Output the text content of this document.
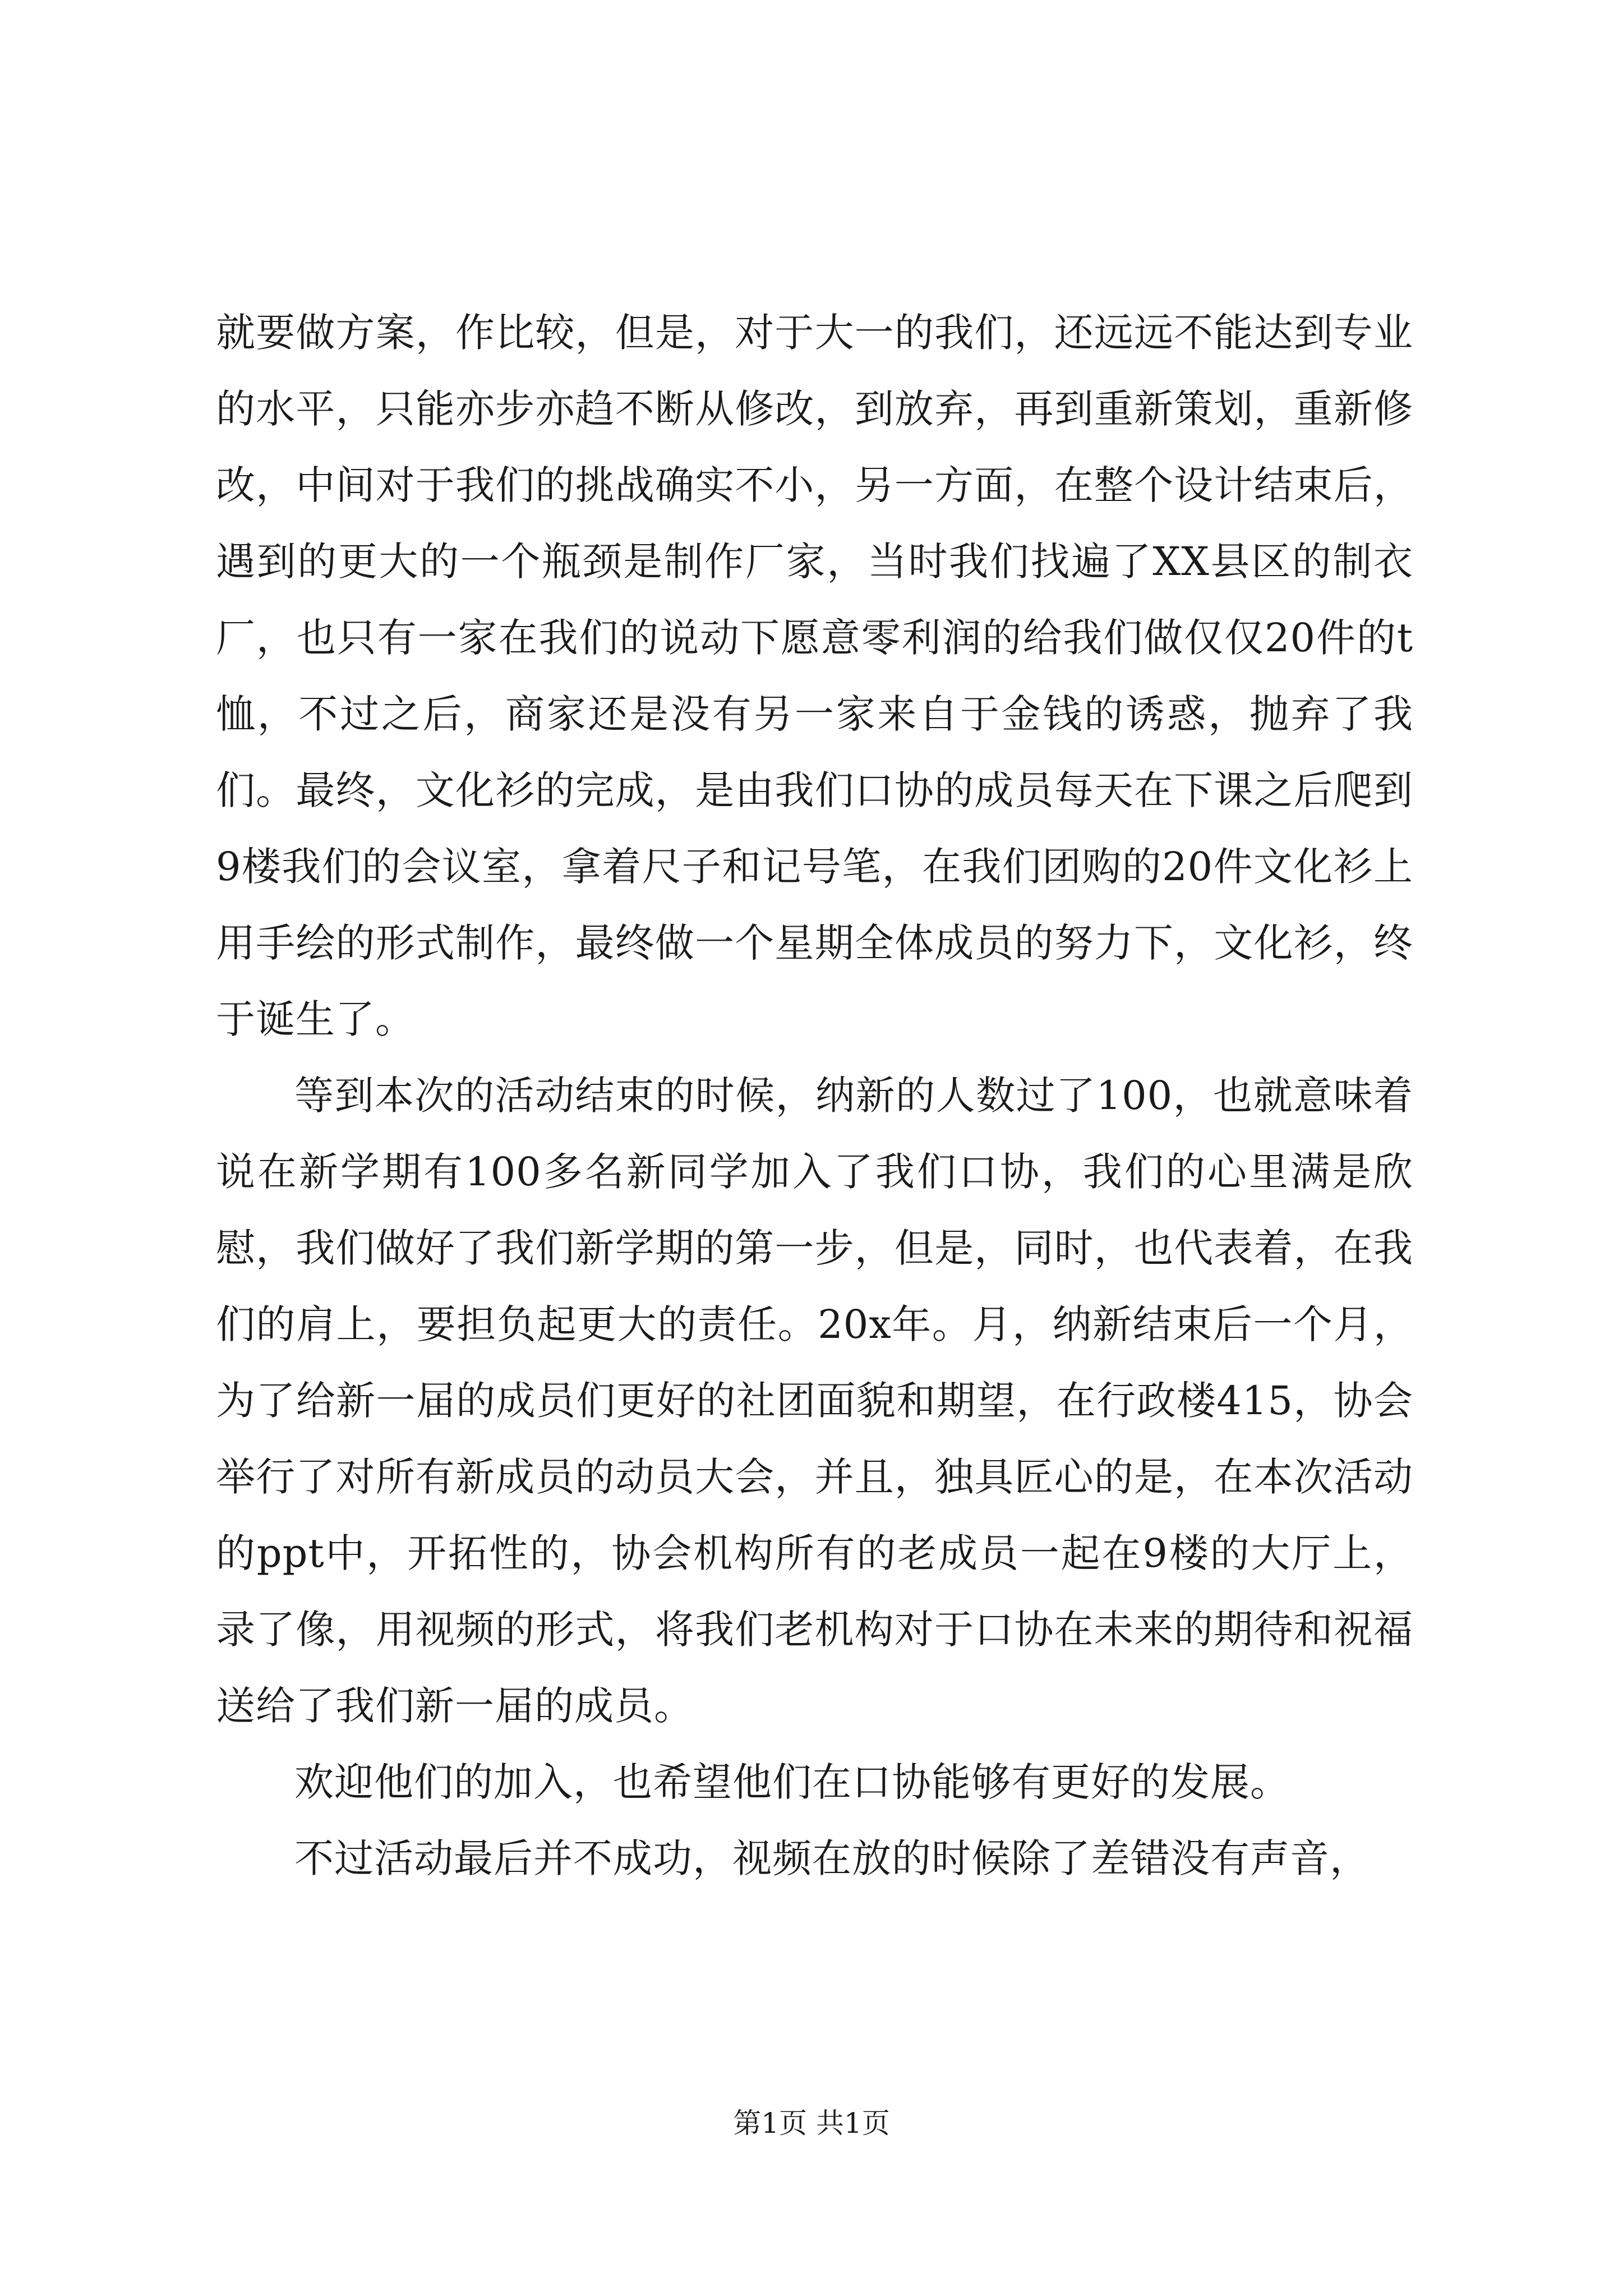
就要做方案，作比较，但是，对于大一的我们，还远远不能达到专业的水平，只能亦步亦趋不断从修改，到放弃，再到重新策划，重新修改，中间对于我们的挑战确实不小，另一方面，在整个设计结束后，遇到的更大的一个瓶颈是制作厂家，当时我们找遍了XX县区的制衣厂，也只有一家在我们的说动下愿意零利润的给我们做仅仅20件的t恤，不过之后，商家还是没有另一家来自于金钱的诱惑，抛弃了我们。最终，文化衫的完成，是由我们口协的成员每天在下课之后爬到9楼我们的会议室，拿着尺子和记号笔，在我们团购的20件文化衫上用手绘的形式制作，最终做一个星期全体成员的努力下，文化衫，终于诞生了。

等到本次的活动结束的时候，纳新的人数过了100，也就意味着说在新学期有100多名新同学加入了我们口协，我们的心里满是欣慰，我们做好了我们新学期的第一步，但是，同时，也代表着，在我们的肩上，要担负起更大的责任。20x年。月，纳新结束后一个月，为了给新一届的成员们更好的社团面貌和期望，在行政楼415，协会举行了对所有新成员的动员大会，并且，独具匠心的是，在本次活动的ppt中，开拓性的，协会机构所有的老成员一起在9楼的大厅上，录了像，用视频的形式，将我们老机构对于口协在未来的期待和祝福送给了我们新一届的成员。

欢迎他们的加入，也希望他们在口协能够有更好的发展。

不过活动最后并不成功，视频在放的时候除了差错没有声音，

第1页 共1页
